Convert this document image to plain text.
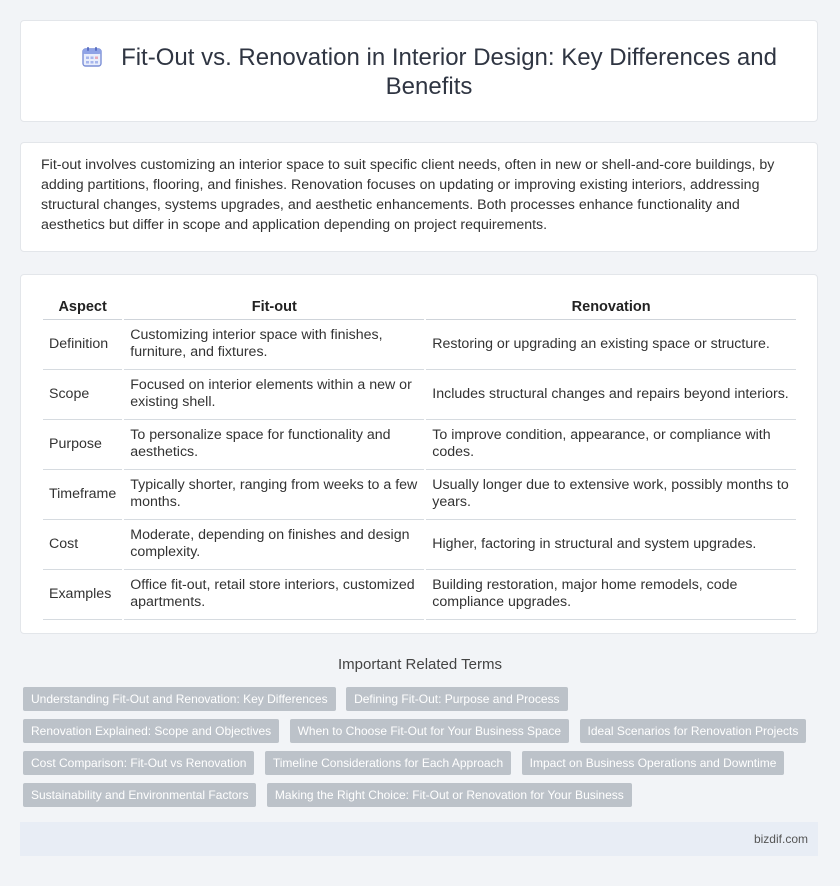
Fit-Out vs. Renovation in Interior Design: Key Differences and Benefits

Fit-out involves customizing an interior space to suit specific client needs, often in new or shell-and-core buildings, by adding partitions, flooring, and finishes. Renovation focuses on updating or improving existing interiors, addressing structural changes, systems upgrades, and aesthetic enhancements. Both processes enhance functionality and aesthetics but differ in scope and application depending on project requirements.

Aspect	Fit-out	Renovation
Definition	Customizing interior space with finishes, furniture, and fixtures.	Restoring or upgrading an existing space or structure.
Scope	Focused on interior elements within a new or existing shell.	Includes structural changes and repairs beyond interiors.
Purpose	To personalize space for functionality and aesthetics.	To improve condition, appearance, or compliance with codes.
Timeframe	Typically shorter, ranging from weeks to a few months.	Usually longer due to extensive work, possibly months to years.
Cost	Moderate, depending on finishes and design complexity.	Higher, factoring in structural and system upgrades.
Examples	Office fit-out, retail store interiors, customized apartments.	Building restoration, major home remodels, code compliance upgrades.
Important Related Terms
Understanding Fit-Out and Renovation: Key Differences Defining Fit-Out: Purpose and Process Renovation Explained: Scope and Objectives When to Choose Fit-Out for Your Business Space Ideal Scenarios for Renovation Projects Cost Comparison: Fit-Out vs Renovation Timeline Considerations for Each Approach Impact on Business Operations and Downtime Sustainability and Environmental Factors Making the Right Choice: Fit-Out or Renovation for Your Business
bizdif.com
